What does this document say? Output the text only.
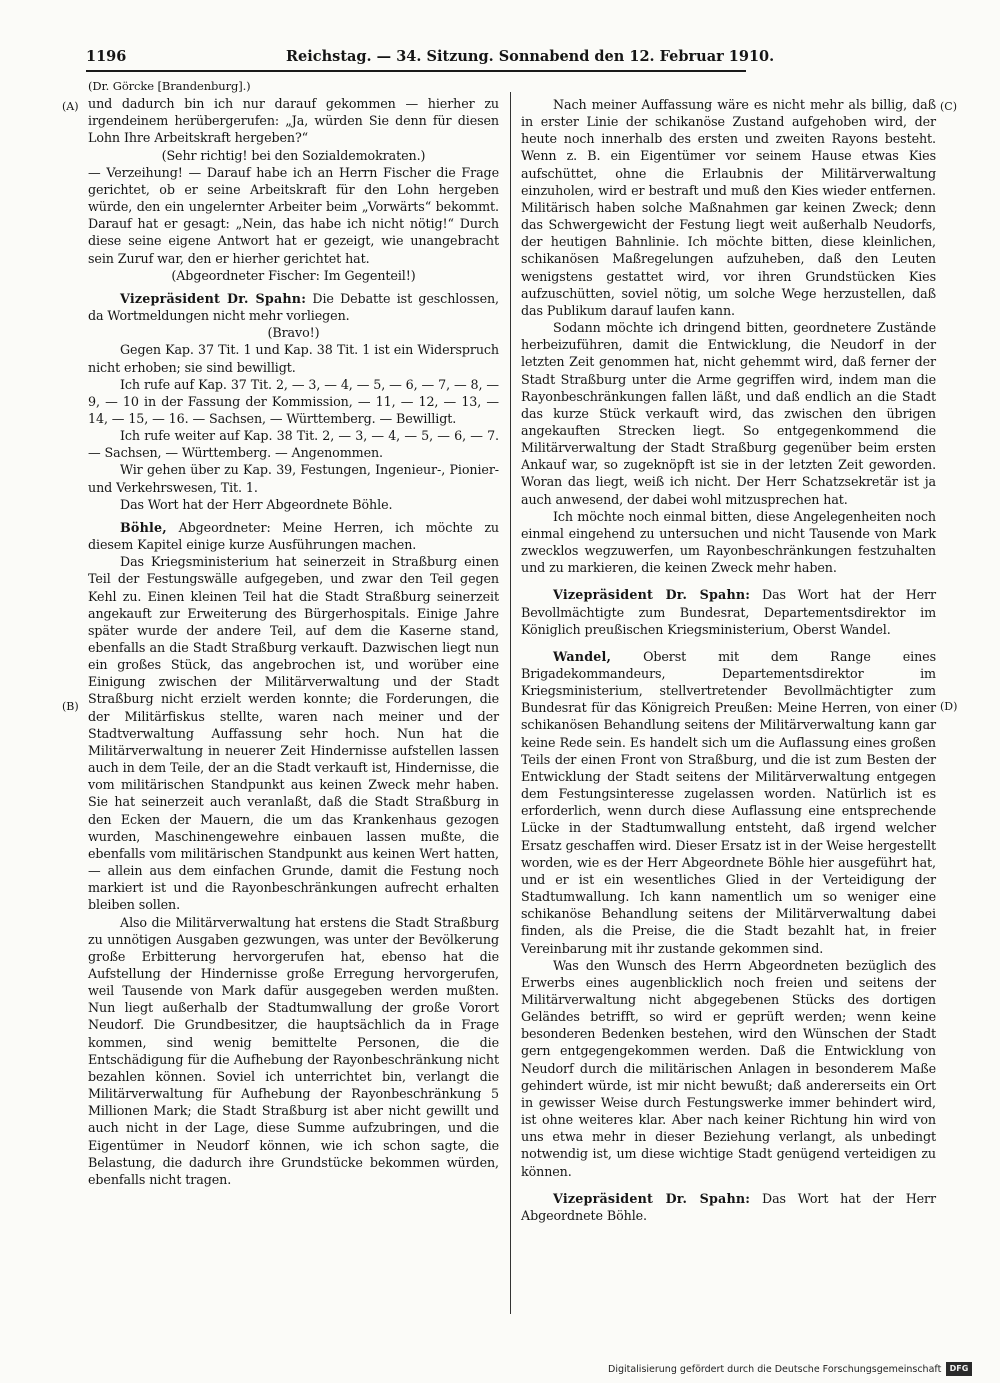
1196	Reichstag. — 34. Sitzung. Sonnabend den 12. Februar 1910.
(A)
(B)
(C)
(D)

(Dr. Görcke [Brandenburg].)

und dadurch bin ich nur darauf gekommen — hierher zu irgendeinem herübergerufen: „Ja, würden Sie denn für diesen Lohn Ihre Arbeitskraft hergeben?“

(Sehr richtig! bei den Sozialdemokraten.)

— Verzeihung! — Darauf habe ich an Herrn Fischer die Frage gerichtet, ob er seine Arbeitskraft für den Lohn hergeben würde, den ein ungelernter Arbeiter beim „Vorwärts“ bekommt. Darauf hat er gesagt: „Nein, das habe ich nicht nötig!“ Durch diese seine eigene Antwort hat er gezeigt, wie unangebracht sein Zuruf war, den er hierher gerichtet hat.

(Abgeordneter Fischer: Im Gegenteil!)

Vizepräsident Dr. Spahn: Die Debatte ist geschlossen, da Wortmeldungen nicht mehr vorliegen.

(Bravo!)

Gegen Kap. 37 Tit. 1 und Kap. 38 Tit. 1 ist ein Widerspruch nicht erhoben; sie sind bewilligt.

Ich rufe auf Kap. 37 Tit. 2, — 3, — 4, — 5, — 6, — 7, — 8, — 9, — 10 in der Fassung der Kommission, — 11, — 12, — 13, — 14, — 15, — 16. — Sachsen, — Württemberg. — Bewilligt.

Ich rufe weiter auf Kap. 38 Tit. 2, — 3, — 4, — 5, — 6, — 7. — Sachsen, — Württemberg. — Angenommen.

Wir gehen über zu Kap. 39, Festungen, Ingenieur-, Pionier- und Verkehrswesen, Tit. 1.

Das Wort hat der Herr Abgeordnete Böhle.

Böhle, Abgeordneter: Meine Herren, ich möchte zu diesem Kapitel einige kurze Ausführungen machen.

Das Kriegsministerium hat seinerzeit in Straßburg einen Teil der Festungswälle aufgegeben, und zwar den Teil gegen Kehl zu. Einen kleinen Teil hat die Stadt Straßburg seinerzeit angekauft zur Erweiterung des Bürgerhospitals. Einige Jahre später wurde der andere Teil, auf dem die Kaserne stand, ebenfalls an die Stadt Straßburg verkauft. Dazwischen liegt nun ein großes Stück, das angebrochen ist, und worüber eine Einigung zwischen der Militärverwaltung und der Stadt Straßburg nicht erzielt werden konnte; die Forderungen, die der Militärfiskus stellte, waren nach meiner und der Stadtverwaltung Auffassung sehr hoch. Nun hat die Militärverwaltung in neuerer Zeit Hindernisse aufstellen lassen auch in dem Teile, der an die Stadt verkauft ist, Hindernisse, die vom militärischen Standpunkt aus keinen Zweck mehr haben. Sie hat seinerzeit auch veranlaßt, daß die Stadt Straßburg in den Ecken der Mauern, die um das Krankenhaus gezogen wurden, Maschinengewehre einbauen lassen mußte, die ebenfalls vom militärischen Standpunkt aus keinen Wert hatten, — allein aus dem einfachen Grunde, damit die Festung noch markiert ist und die Rayonbeschränkungen aufrecht erhalten bleiben sollen.

Also die Militärverwaltung hat erstens die Stadt Straßburg zu unnötigen Ausgaben gezwungen, was unter der Bevölkerung große Erbitterung hervorgerufen hat, ebenso hat die Aufstellung der Hindernisse große Erregung hervorgerufen, weil Tausende von Mark dafür ausgegeben werden mußten. Nun liegt außerhalb der Stadtumwallung der große Vorort Neudorf. Die Grundbesitzer, die hauptsächlich da in Frage kommen, sind wenig bemittelte Personen, die die Entschädigung für die Aufhebung der Rayonbeschränkung nicht bezahlen können. Soviel ich unterrichtet bin, verlangt die Militärverwaltung für Aufhebung der Rayonbeschränkung 5 Millionen Mark; die Stadt Straßburg ist aber nicht gewillt und auch nicht in der Lage, diese Summe aufzubringen, und die Eigentümer in Neudorf können, wie ich schon sagte, die Belastung, die dadurch ihre Grundstücke bekommen würden, ebenfalls nicht tragen.

Nach meiner Auffassung wäre es nicht mehr als billig, daß in erster Linie der schikanöse Zustand aufgehoben wird, der heute noch innerhalb des ersten und zweiten Rayons besteht. Wenn z. B. ein Eigentümer vor seinem Hause etwas Kies aufschüttet, ohne die Erlaubnis der Militärverwaltung einzuholen, wird er bestraft und muß den Kies wieder entfernen. Militärisch haben solche Maßnahmen gar keinen Zweck; denn das Schwergewicht der Festung liegt weit außerhalb Neudorfs, der heutigen Bahnlinie. Ich möchte bitten, diese kleinlichen, schikanösen Maßregelungen aufzuheben, daß den Leuten wenigstens gestattet wird, vor ihren Grundstücken Kies aufzuschütten, soviel nötig, um solche Wege herzustellen, daß das Publikum darauf laufen kann.

Sodann möchte ich dringend bitten, geordnetere Zustände herbeizuführen, damit die Entwicklung, die Neudorf in der letzten Zeit genommen hat, nicht gehemmt wird, daß ferner der Stadt Straßburg unter die Arme gegriffen wird, indem man die Rayonbeschränkungen fallen läßt, und daß endlich an die Stadt das kurze Stück verkauft wird, das zwischen den übrigen angekauften Strecken liegt. So entgegenkommend die Militärverwaltung der Stadt Straßburg gegenüber beim ersten Ankauf war, so zugeknöpft ist sie in der letzten Zeit geworden. Woran das liegt, weiß ich nicht. Der Herr Schatzsekretär ist ja auch anwesend, der dabei wohl mitzusprechen hat.

Ich möchte noch einmal bitten, diese Angelegenheiten noch einmal eingehend zu untersuchen und nicht Tausende von Mark zwecklos wegzuwerfen, um Rayonbeschränkungen festzuhalten und zu markieren, die keinen Zweck mehr haben.

Vizepräsident Dr. Spahn: Das Wort hat der Herr Bevollmächtigte zum Bundesrat, Departementsdirektor im Königlich preußischen Kriegsministerium, Oberst Wandel.

Wandel, Oberst mit dem Range eines Brigadekommandeurs, Departementsdirektor im Kriegsministerium, stellvertretender Bevollmächtigter zum Bundesrat für das Königreich Preußen: Meine Herren, von einer schikanösen Behandlung seitens der Militärverwaltung kann gar keine Rede sein. Es handelt sich um die Auflassung eines großen Teils der einen Front von Straßburg, und die ist zum Besten der Entwicklung der Stadt seitens der Militärverwaltung entgegen dem Festungsinteresse zugelassen worden. Natürlich ist es erforderlich, wenn durch diese Auflassung eine entsprechende Lücke in der Stadtumwallung entsteht, daß irgend welcher Ersatz geschaffen wird. Dieser Ersatz ist in der Weise hergestellt worden, wie es der Herr Abgeordnete Böhle hier ausgeführt hat, und er ist ein wesentliches Glied in der Verteidigung der Stadtumwallung. Ich kann namentlich um so weniger eine schikanöse Behandlung seitens der Militärverwaltung dabei finden, als die Preise, die die Stadt bezahlt hat, in freier Vereinbarung mit ihr zustande gekommen sind.

Was den Wunsch des Herrn Abgeordneten bezüglich des Erwerbs eines augenblicklich noch freien und seitens der Militärverwaltung nicht abgegebenen Stücks des dortigen Geländes betrifft, so wird er geprüft werden; wenn keine besonderen Bedenken bestehen, wird den Wünschen der Stadt gern entgegengekommen werden. Daß die Entwicklung von Neudorf durch die militärischen Anlagen in besonderem Maße gehindert würde, ist mir nicht bewußt; daß andererseits ein Ort in gewisser Weise durch Festungswerke immer behindert wird, ist ohne weiteres klar. Aber nach keiner Richtung hin wird von uns etwa mehr in dieser Beziehung verlangt, als unbedingt notwendig ist, um diese wichtige Stadt genügend verteidigen zu können.

Vizepräsident Dr. Spahn: Das Wort hat der Herr Abgeordnete Böhle.

Digitalisierung gefördert durch die Deutsche Forschungsgemeinschaft	DFG
